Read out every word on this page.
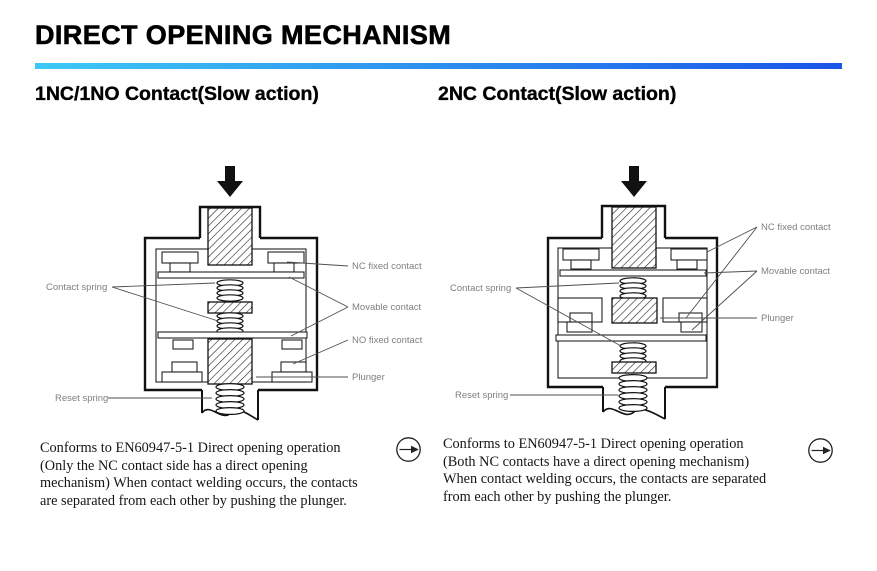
DIRECT OPENING MECHANISM
1NC/1NO Contact(Slow action)	2NC Contact(Slow action)
NC fixed contact
Movable contact
NO fixed contact
Plunger
Contact spring
Reset spring
NC fixed contact
Movable contact
Plunger
Contact spring
Reset spring
Conforms to EN60947-5-1 Direct opening operation
(Only the NC contact side has a direct opening
mechanism) When contact welding occurs, the contacts
are separated from each other by pushing the plunger.
Conforms to EN60947-5-1 Direct opening operation
(Both NC contacts have a direct opening mechanism)
When contact welding occurs, the contacts are separated
from each other by pushing the plunger.
